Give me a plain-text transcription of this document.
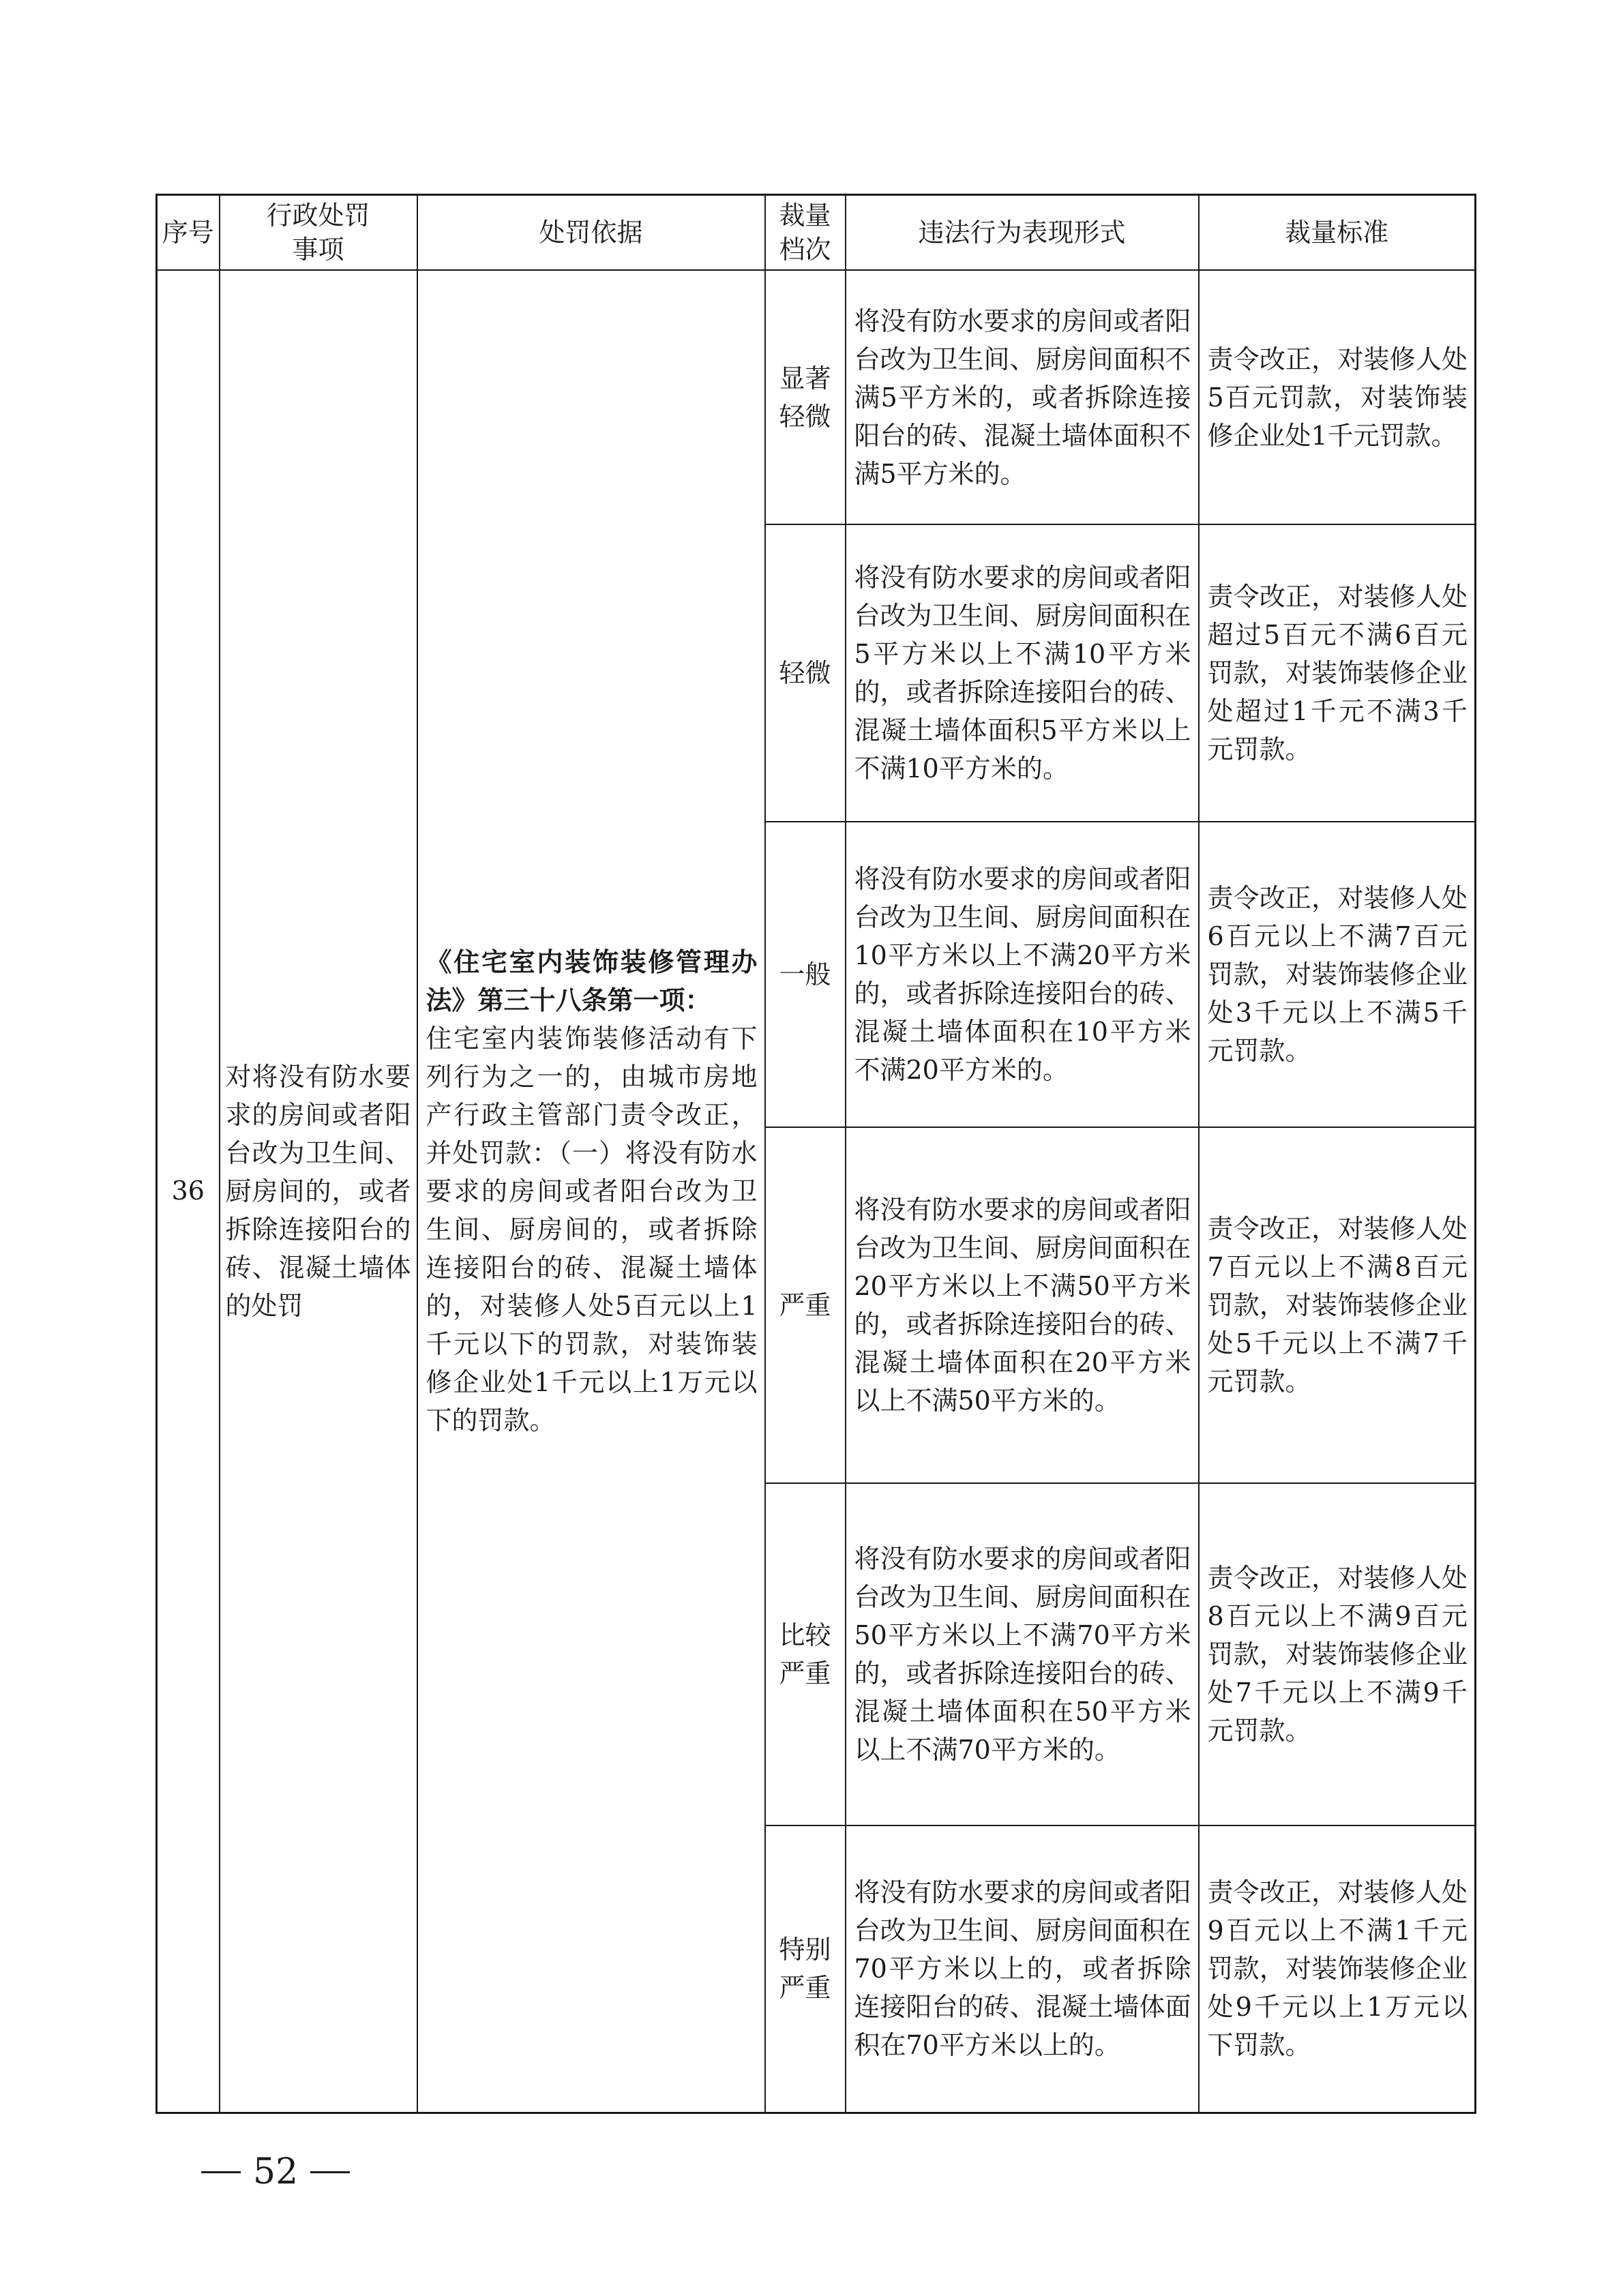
序号	行政处罚事项	处罚依据	裁量档次	违法行为表现形式	裁量标准
36	对将没有防水要求的房间或者阳台改为卫生间、厨房间的，或者拆除连接阳台的砖、混凝土墙体的处罚	《住宅室内装饰装修管理办法》第三十八条第一项：
住宅室内装饰装修活动有下列行为之一的，由城市房地产行政主管部门责令改正，并处罚款：（一）将没有防水要求的房间或者阳台改为卫生间、厨房间的，或者拆除连接阳台的砖、混凝土墙体的，对装修人处5百元以上1千元以下的罚款，对装饰装修企业处1千元以上1万元以下的罚款。	显著轻微	将没有防水要求的房间或者阳台改为卫生间、厨房间面积不满5平方米的，或者拆除连接阳台的砖、混凝土墙体面积不满5平方米的。	责令改正，对装修人处5百元罚款，对装饰装修企业处1千元罚款。
			轻微	将没有防水要求的房间或者阳台改为卫生间、厨房间面积在5平方米以上不满10平方米的，或者拆除连接阳台的砖、混凝土墙体面积5平方米以上不满10平方米的。	责令改正，对装修人处超过5百元不满6百元罚款，对装饰装修企业处超过1千元不满3千元罚款。
			一般	将没有防水要求的房间或者阳台改为卫生间、厨房间面积在10平方米以上不满20平方米的，或者拆除连接阳台的砖、混凝土墙体面积在10平方米不满20平方米的。	责令改正，对装修人处6百元以上不满7百元罚款，对装饰装修企业处3千元以上不满5千元罚款。
			严重	将没有防水要求的房间或者阳台改为卫生间、厨房间面积在20平方米以上不满50平方米的，或者拆除连接阳台的砖、混凝土墙体面积在20平方米以上不满50平方米的。	责令改正，对装修人处7百元以上不满8百元罚款，对装饰装修企业处5千元以上不满7千元罚款。
			比较严重	将没有防水要求的房间或者阳台改为卫生间、厨房间面积在50平方米以上不满70平方米的，或者拆除连接阳台的砖、混凝土墙体面积在50平方米以上不满70平方米的。	责令改正，对装修人处8百元以上不满9百元罚款，对装饰装修企业处7千元以上不满9千元罚款。
			特别严重	将没有防水要求的房间或者阳台改为卫生间、厨房间面积在70平方米以上的，或者拆除连接阳台的砖、混凝土墙体面积在70平方米以上的。	责令改正，对装修人处9百元以上不满1千元罚款，对装饰装修企业处9千元以上1万元以下罚款。
52
